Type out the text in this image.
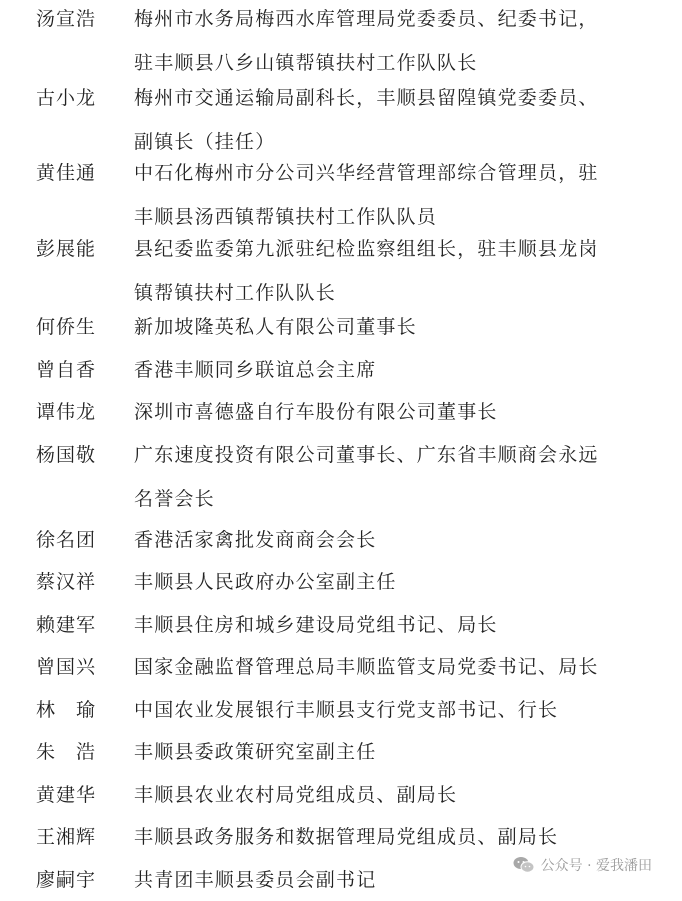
汤宣浩	梅州市水务局梅西水库管理局党委委员、纪委书记，
驻丰顺县八乡山镇帮镇扶村工作队队长
古小龙	梅州市交通运输局副科长，丰顺县留隍镇党委委员、
副镇长（挂任）
黄佳通	中石化梅州市分公司兴华经营管理部综合管理员，驻
丰顺县汤西镇帮镇扶村工作队队员
彭展能	县纪委监委第九派驻纪检监察组组长，驻丰顺县龙岗
镇帮镇扶村工作队队长
何侨生	新加坡隆英私人有限公司董事长
曾自香	香港丰顺同乡联谊总会主席
谭伟龙	深圳市喜德盛自行车股份有限公司董事长
杨国敬	广东速度投资有限公司董事长、广东省丰顺商会永远
名誉会长
徐名团	香港活家禽批发商商会会长
蔡汉祥	丰顺县人民政府办公室副主任
赖建军	丰顺县住房和城乡建设局党组书记、局长
曾国兴	国家金融监督管理总局丰顺监管支局党委书记、局长
林　瑜	中国农业发展银行丰顺县支行党支部书记、行长
朱　浩	丰顺县委政策研究室副主任
黄建华	丰顺县农业农村局党组成员、副局长
王湘辉	丰顺县政务服务和数据管理局党组成员、副局长
廖嗣宇	共青团丰顺县委员会副书记
公众号 · 爱我潘田
